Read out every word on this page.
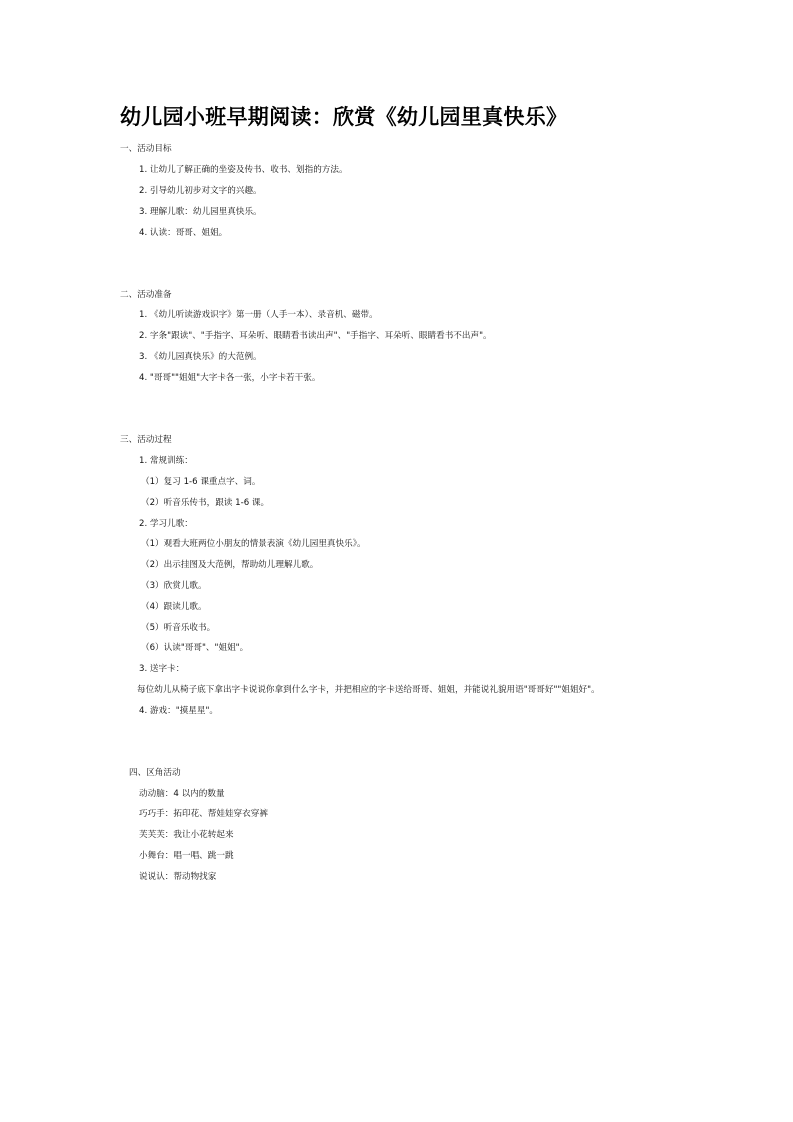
幼儿园小班早期阅读：欣赏《幼儿园里真快乐》
一、活动目标
1. 让幼儿了解正确的坐姿及传书、收书、划指的方法。
2. 引导幼儿初步对文字的兴趣。
3. 理解儿歌：幼儿园里真快乐。
4. 认读：哥哥、姐姐。
二、活动准备
1. 《幼儿听读游戏识字》第一册（人手一本）、录音机、磁带。
2. 字条"跟读"、"手指字、耳朵听、眼睛看书读出声"、"手指字、耳朵听、眼睛看书不出声"。
3. 《幼儿园真快乐》的大范例。
4. "哥哥""姐姐"大字卡各一张，小字卡若干张。
三、活动过程
1. 常规训练：
（1）复习 1-6 课重点字、词。
（2）听音乐传书，跟读 1-6 课。
2. 学习儿歌：
（1）观看大班两位小朋友的情景表演《幼儿园里真快乐》。
（2）出示挂图及大范例，帮助幼儿理解儿歌。
（3）欣赏儿歌。
（4）跟读儿歌。
（5）听音乐收书。
（6）认读"哥哥"、"姐姐"。
3. 送字卡：
每位幼儿从椅子底下拿出字卡说说你拿到什么字卡，并把相应的字卡送给哥哥、姐姐，并能说礼貌用语"哥哥好""姐姐好"。
4. 游戏："摸星星"。
四、区角活动
动动脑：4 以内的数量
巧巧手：拓印花、帮娃娃穿衣穿裤
芙芙芙：我让小花转起来
小舞台：唱一唱、跳一跳
说说认：帮动物找家
